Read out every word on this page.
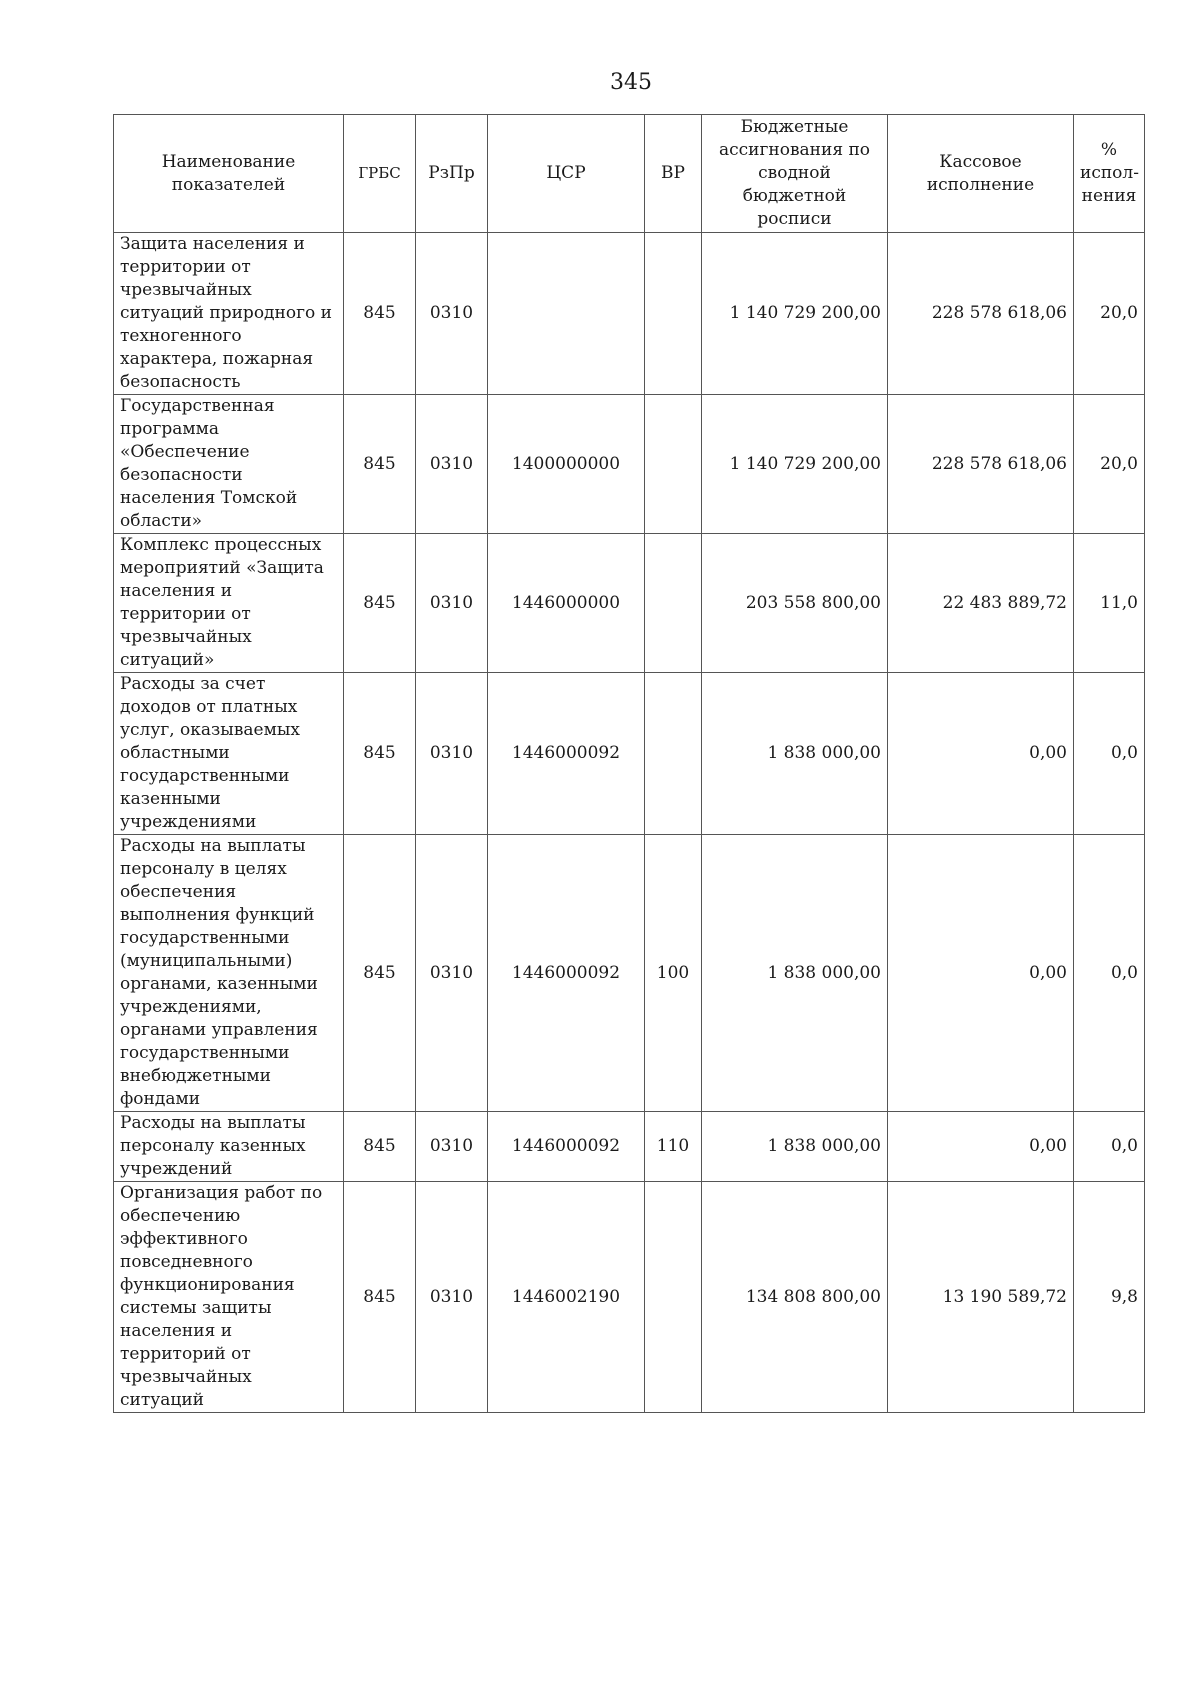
345
Наименование показателей	ГРБС	РзПр	ЦСР	ВР	Бюджетные ассигнования по сводной бюджетной росписи	Кассовое исполнение	% испол-нения
Защита населения и территории от чрезвычайных ситуаций природного и техногенного характера, пожарная безопасность	845	0310			1 140 729 200,00	228 578 618,06	20,0
Государственная программа «Обеспечение безопасности населения Томской области»	845	0310	1400000000		1 140 729 200,00	228 578 618,06	20,0
Комплекс процессных мероприятий «Защита населения и территории от чрезвычайных ситуаций»	845	0310	1446000000		203 558 800,00	22 483 889,72	11,0
Расходы за счет доходов от платных услуг, оказываемых областными государственными казенными учреждениями	845	0310	1446000092		1 838 000,00	0,00	0,0
Расходы на выплаты персоналу в целях обеспечения выполнения функций государственными (муниципальными) органами, казенными учреждениями, органами управления государственными внебюджетными фондами	845	0310	1446000092	100	1 838 000,00	0,00	0,0
Расходы на выплаты персоналу казенных учреждений	845	0310	1446000092	110	1 838 000,00	0,00	0,0
Организация работ по обеспечению эффективного повседневного функционирования системы защиты населения и территорий от чрезвычайных ситуаций	845	0310	1446002190		134 808 800,00	13 190 589,72	9,8
